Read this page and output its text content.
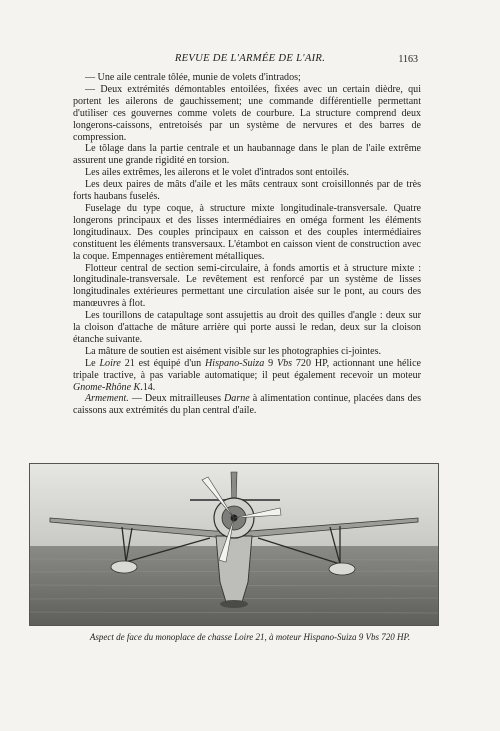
REVUE DE L'ARMÉE DE L'AIR.	1163

— Une aile centrale tôlée, munie de volets d'intrados;

— Deux extrémités démontables entoilées, fixées avec un certain dièdre, qui portent les ailerons de gauchissement; une commande différentielle permettant d'utiliser ces gouvernes comme volets de courbure. La structure comprend deux longerons-caissons, entretoisés par un système de nervures et des barres de compression.

Le tôlage dans la partie centrale et un haubannage dans le plan de l'aile extrême assurent une grande rigidité en torsion.

Les ailes extrêmes, les ailerons et le volet d'intrados sont entoilés.

Les deux paires de mâts d'aile et les mâts centraux sont croisillonnés par de très forts haubans fuselés.

Fuselage du type coque, à structure mixte longitudinale-transversale. Quatre longerons principaux et des lisses intermédiaires en oméga forment les éléments longitudinaux. Des couples principaux en caisson et des couples intermédiaires constituent les éléments transversaux. L'étambot en caisson vient de construction avec la coque. Empennages entièrement métalliques.

Flotteur central de section semi-circulaire, à fonds amortis et à structure mixte : longitudinale-transversale. Le revêtement est renforcé par un système de lisses longitudinales extérieures permettant une circulation aisée sur le pont, au cours des manœuvres à flot.

Les tourillons de catapultage sont assujettis au droit des quilles d'angle : deux sur la cloison d'attache de mâture arrière qui porte aussi le redan, deux sur la cloison étanche suivante.

La mâture de soutien est aisément visible sur les photographies ci-jointes.

Le Loire 21 est équipé d'un Hispano-Suiza 9 Vbs 720 HP, actionnant une hélice tripale tractive, à pas variable automatique; il peut également recevoir un moteur Gnome-Rhône K.14.

Armement. — Deux mitrailleuses Darne à alimentation continue, placées dans des caissons aux extrémités du plan central d'aile.

Aspect de face du monoplace de chasse Loire 21, à moteur Hispano-Suiza 9 Vbs 720 HP.
